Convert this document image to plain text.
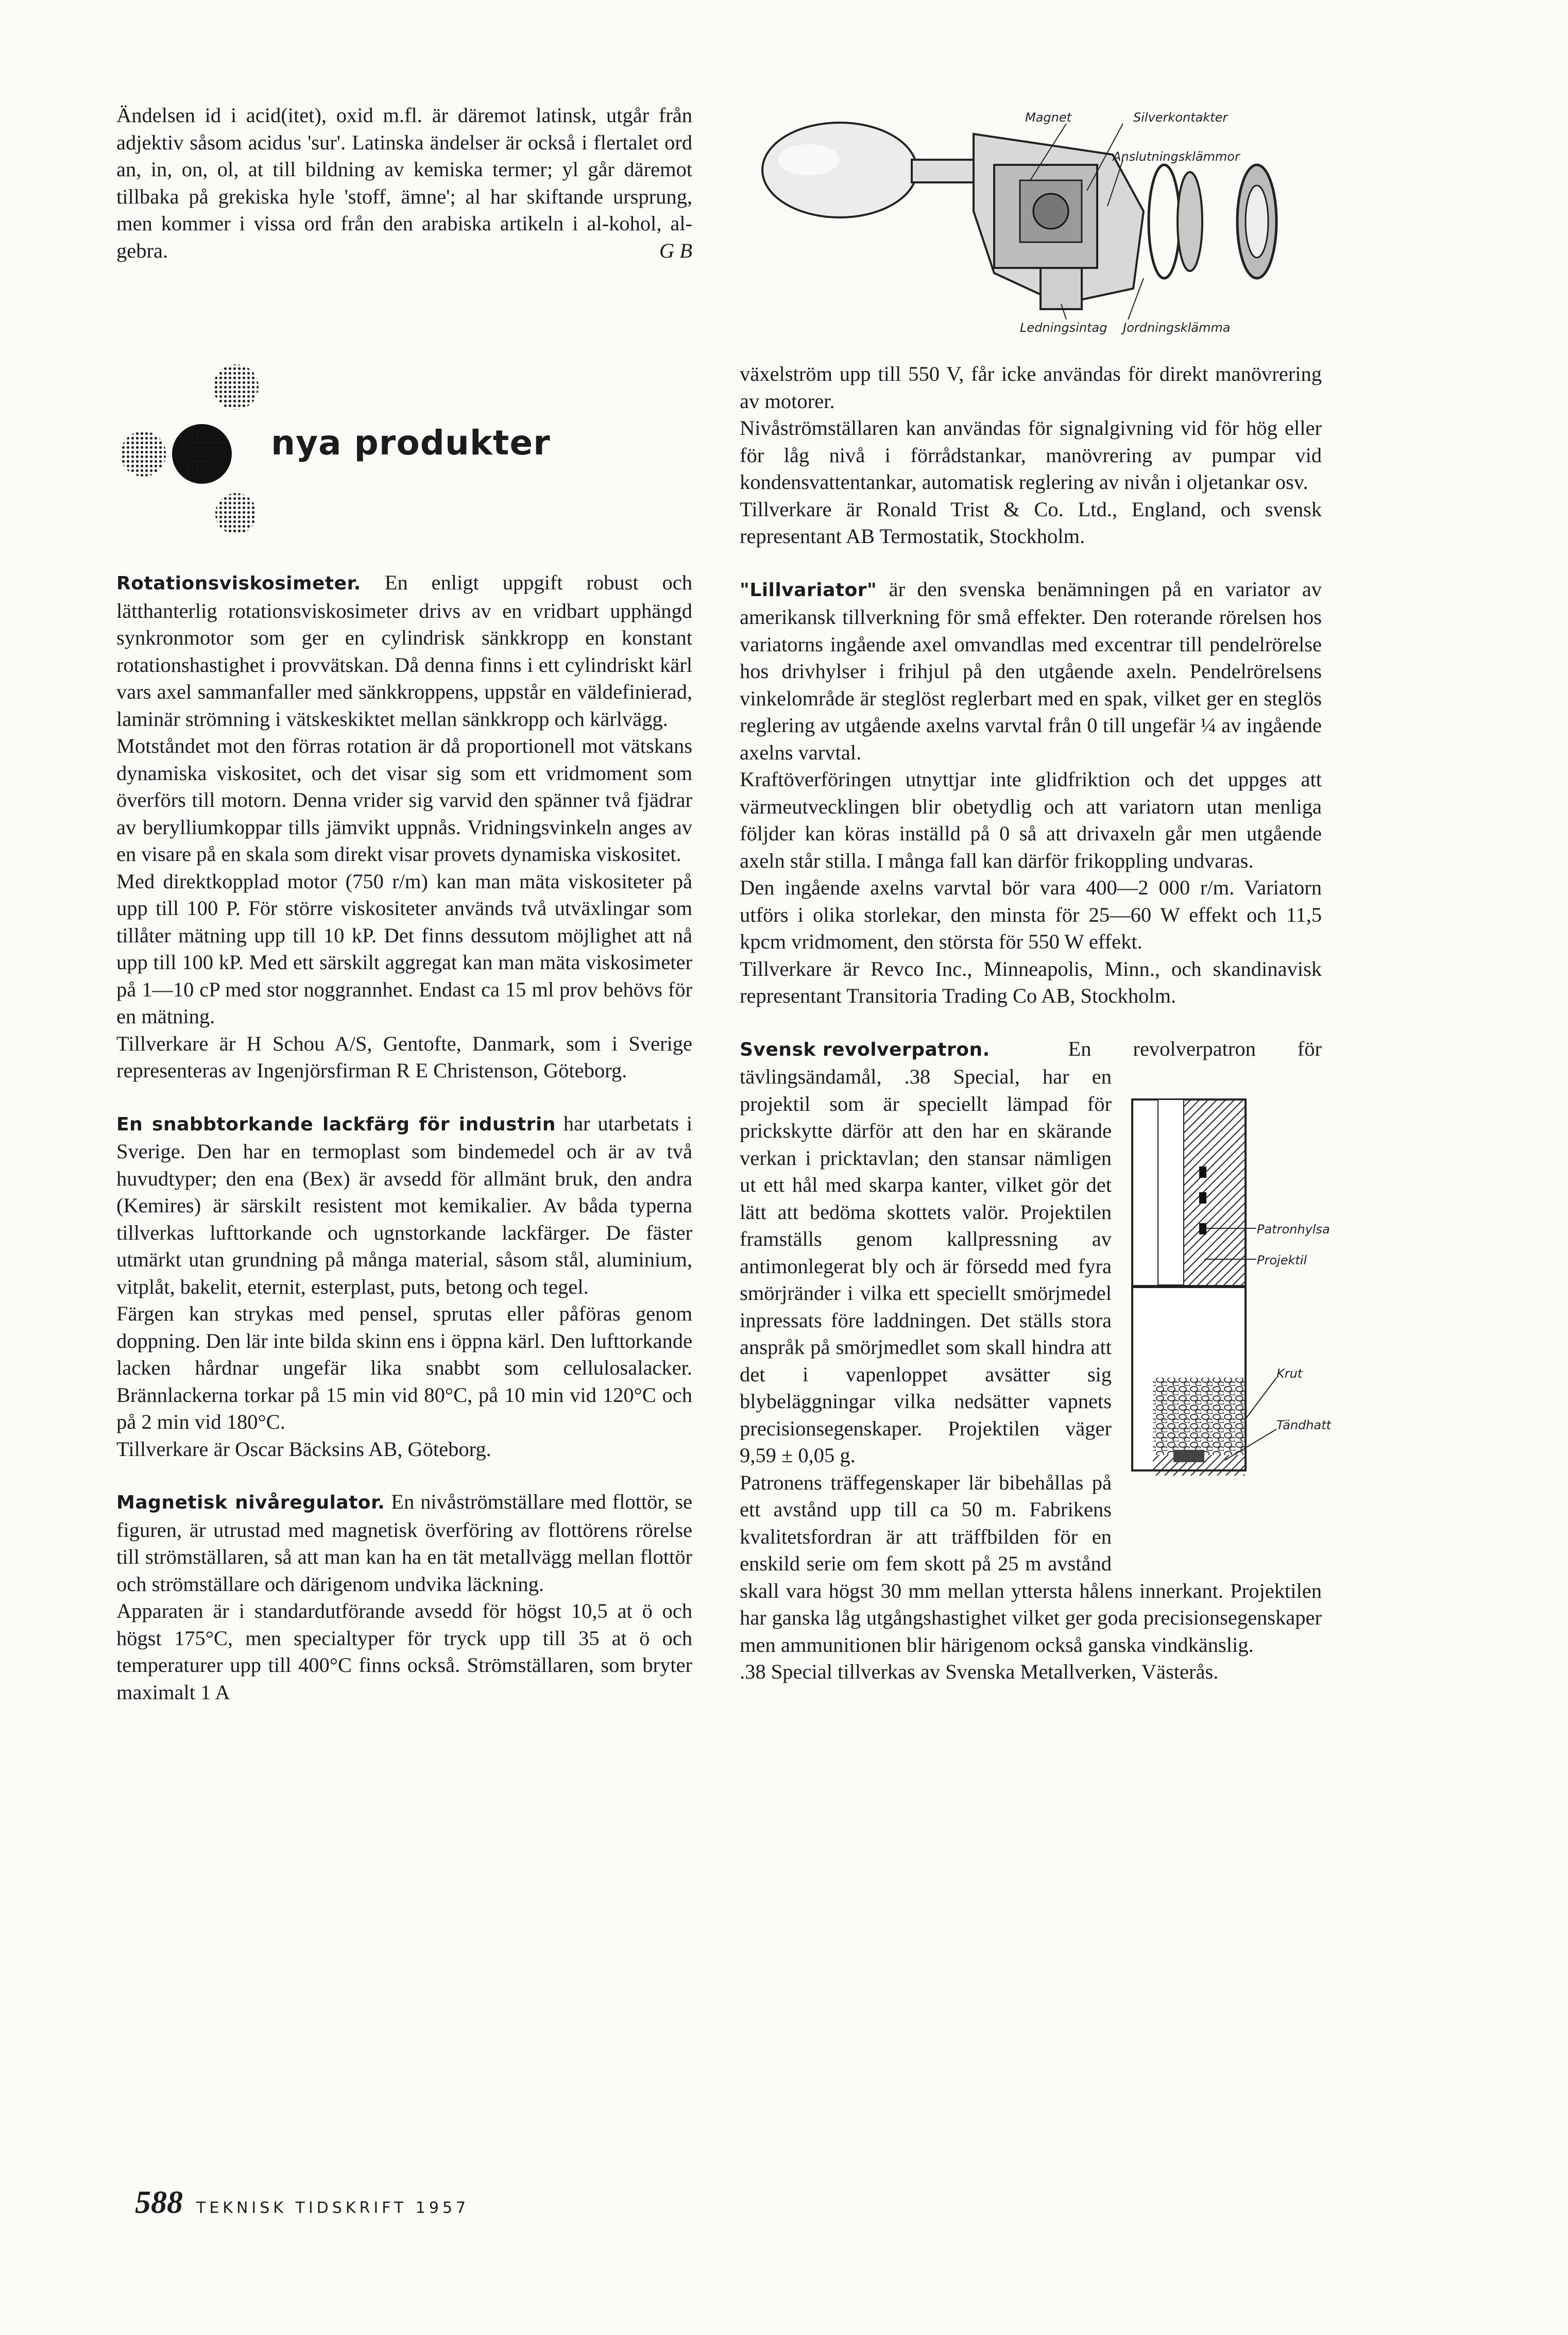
Ändelsen id i acid(itet), oxid m.fl. är däremot latinsk, utgår från adjektiv såsom acidus 'sur'. Latinska ändelser är också i flertalet ord an, in, on, ol, at till bildning av kemiska termer; yl går däremot tillbaka på grekiska hyle 'stoff, ämne'; al har skiftande ursprung, men kommer i vissa ord från den arabiska artikeln i al-kohol, al-gebra.	G B

nya produkter

Rotationsviskosimeter. En enligt uppgift robust och lätthanterlig rotationsviskosimeter drivs av en vridbart upphängd synkronmotor som ger en cylindrisk sänkkropp en konstant rotationshastighet i provvätskan. Då denna finns i ett cylindriskt kärl vars axel sammanfaller med sänkkroppens, uppstår en väldefinierad, laminär strömning i vätskeskiktet mellan sänkkropp och kärlvägg.

Motståndet mot den förras rotation är då proportionell mot vätskans dynamiska viskositet, och det visar sig som ett vridmoment som överförs till motorn. Denna vrider sig varvid den spänner två fjädrar av berylliumkoppar tills jämvikt uppnås. Vridningsvinkeln anges av en visare på en skala som direkt visar provets dynamiska viskositet.

Med direktkopplad motor (750 r/m) kan man mäta viskositeter på upp till 100 P. För större viskositeter används två utväxlingar som tillåter mätning upp till 10 kP. Det finns dessutom möjlighet att nå upp till 100 kP. Med ett särskilt aggregat kan man mäta viskosimeter på 1—10 cP med stor noggrannhet. Endast ca 15 ml prov behövs för en mätning.

Tillverkare är H Schou A/S, Gentofte, Danmark, som i Sverige representeras av Ingenjörsfirman R E Christenson, Göteborg.

En snabbtorkande lackfärg för industrin har utarbetats i Sverige. Den har en termoplast som bindemedel och är av två huvudtyper; den ena (Bex) är avsedd för allmänt bruk, den andra (Kemires) är särskilt resistent mot kemikalier. Av båda typerna tillverkas lufttorkande och ugnstorkande lackfärger. De fäster utmärkt utan grundning på många material, såsom stål, aluminium, vitplåt, bakelit, eternit, esterplast, puts, betong och tegel.

Färgen kan strykas med pensel, sprutas eller påföras genom doppning. Den lär inte bilda skinn ens i öppna kärl. Den lufttorkande lacken hårdnar ungefär lika snabbt som cellulosalacker. Brännlackerna torkar på 15 min vid 80°C, på 10 min vid 120°C och på 2 min vid 180°C.

Tillverkare är Oscar Bäcksins AB, Göteborg.

Magnetisk nivåregulator. En nivåströmställare med flottör, se figuren, är utrustad med magnetisk överföring av flottörens rörelse till strömställaren, så att man kan ha en tät metallvägg mellan flottör och strömställare och därigenom undvika läckning.

Apparaten är i standardutförande avsedd för högst 10,5 at ö och högst 175°C, men specialtyper för tryck upp till 35 at ö och temperaturer upp till 400°C finns också. Strömställaren, som bryter maximalt 1 A

Magnet	Silverkontakter
Anslutningsklämmor
Ledningsintag Jordningsklämma

växelström upp till 550 V, får icke användas för direkt manövrering av motorer.

Nivåströmställaren kan användas för signalgivning vid för hög eller för låg nivå i förrådstankar, manövrering av pumpar vid kondensvattentankar, automatisk reglering av nivån i oljetankar osv.

Tillverkare är Ronald Trist & Co. Ltd., England, och svensk representant AB Termostatik, Stockholm.

"Lillvariator" är den svenska benämningen på en variator av amerikansk tillverkning för små effekter. Den roterande rörelsen hos variatorns ingående axel omvandlas med excentrar till pendelrörelse hos drivhylser i frihjul på den utgående axeln. Pendelrörelsens vinkelområde är steglöst reglerbart med en spak, vilket ger en steglös reglering av utgående axelns varvtal från 0 till ungefär ¼ av ingående axelns varvtal.

Kraftöverföringen utnyttjar inte glidfriktion och det uppges att värmeutvecklingen blir obetydlig och att variatorn utan menliga följder kan köras inställd på 0 så att drivaxeln går men utgående axeln står stilla. I många fall kan därför frikoppling undvaras.

Den ingående axelns varvtal bör vara 400—2 000 r/m. Variatorn utförs i olika storlekar, den minsta för 25—60 W effekt och 11,5 kpcm vridmoment, den största för 550 W effekt.

Tillverkare är Revco Inc., Minneapolis, Minn., och skandinavisk representant Transitoria Trading Co AB, Stockholm.

Svensk revolverpatron.

Patronhylsa
Projektil
Krut
Tändhatt

En revolverpatron för tävlingsändamål, .38 Special, har en projektil som är speciellt lämpad för prickskytte därför att den har en skärande verkan i pricktavlan; den stansar nämligen ut ett hål med skarpa kanter, vilket gör det lätt att bedöma skottets valör. Projektilen framställs genom kallpressning av antimonlegerat bly och är försedd med fyra smörjränder i vilka ett speciellt smörjmedel inpressats före laddningen. Det ställs stora anspråk på smörjmedlet som skall hindra att det i vapenloppet avsätter sig blybeläggningar vilka nedsätter vapnets precisionsegenskaper. Projektilen väger 9,59 ± 0,05 g.

Patronens träffegenskaper lär bibehållas på ett avstånd upp till ca 50 m. Fabrikens kvalitetsfordran är att träffbilden för en enskild serie om fem skott på 25 m avstånd skall vara högst 30 mm mellan yttersta hålens innerkant. Projektilen har ganska låg utgångshastighet vilket ger goda precisionsegenskaper men ammunitionen blir härigenom också ganska vindkänslig.

.38 Special tillverkas av Svenska Metallverken, Västerås.

588 TEKNISK TIDSKRIFT 1957
